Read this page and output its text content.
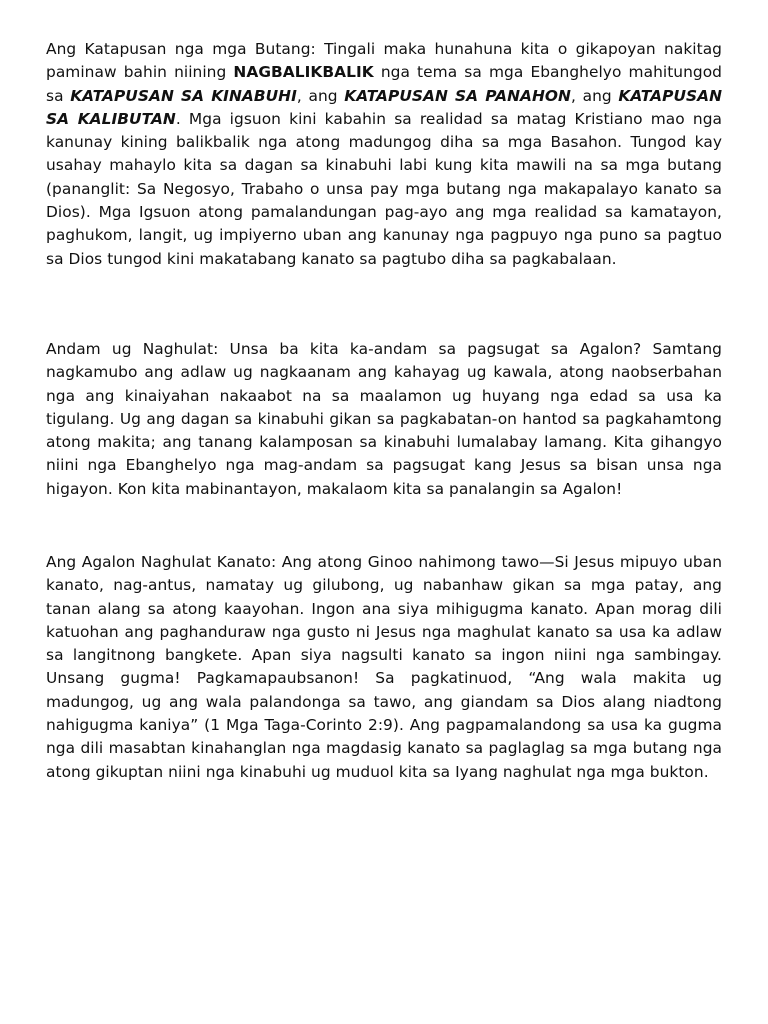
Ang Katapusan nga mga Butang: Tingali maka hunahuna kita o gikapoyan nakitag paminaw bahin niining NAGBALIKBALIK nga tema sa mga Ebanghelyo mahitungod sa KATAPUSAN SA KINABUHI, ang KATAPUSAN SA PANAHON, ang KATAPUSAN SA KALIBUTAN. Mga igsuon kini kabahin sa realidad sa matag Kristiano mao nga kanunay kining balikbalik nga atong madungog diha sa mga Basahon. Tungod kay usahay mahaylo kita sa dagan sa kinabuhi labi kung kita mawili na sa mga butang (pananglit: Sa Negosyo, Trabaho o unsa pay mga butang nga makapalayo kanato sa Dios). Mga Igsuon atong pamalandungan pag-ayo ang mga realidad sa kamatayon, paghukom, langit, ug impiyerno uban ang kanunay nga pagpuyo nga puno sa pagtuo sa Dios tungod kini makatabang kanato sa pagtubo diha sa pagkabalaan.

Andam ug Naghulat: Unsa ba kita ka-andam sa pagsugat sa Agalon? Samtang nagkamubo ang adlaw ug nagkaanam ang kahayag ug kawala, atong naobserbahan nga ang kinaiyahan nakaabot na sa maalamon ug huyang nga edad sa usa ka tigulang. Ug ang dagan sa kinabuhi gikan sa pagkabatan-on hantod sa pagkahamtong atong makita; ang tanang kalamposan sa kinabuhi lumalabay lamang. Kita gihangyo niini nga Ebanghelyo nga mag-andam sa pagsugat kang Jesus sa bisan unsa nga higayon. Kon kita mabinantayon, makalaom kita sa panalangin sa Agalon!

Ang Agalon Naghulat Kanato: Ang atong Ginoo nahimong tawo—Si Jesus mipuyo uban kanato, nag-antus, namatay ug gilubong, ug nabanhaw gikan sa mga patay, ang tanan alang sa atong kaayohan. Ingon ana siya mihigugma kanato. Apan morag dili katuohan ang paghanduraw nga gusto ni Jesus nga maghulat kanato sa usa ka adlaw sa langitnong bangkete. Apan siya nagsulti kanato sa ingon niini nga sambingay. Unsang gugma! Pagkamapaubsanon! Sa pagkatinuod, “Ang wala makita ug madungog, ug ang wala palandonga sa tawo, ang giandam sa Dios alang niadtong nahigugma kaniya” (1 Mga Taga-Corinto 2:9). Ang pagpamalandong sa usa ka gugma nga dili masabtan kinahanglan nga magdasig kanato sa paglaglag sa mga butang nga atong gikuptan niini nga kinabuhi ug muduol kita sa Iyang naghulat nga mga bukton.
